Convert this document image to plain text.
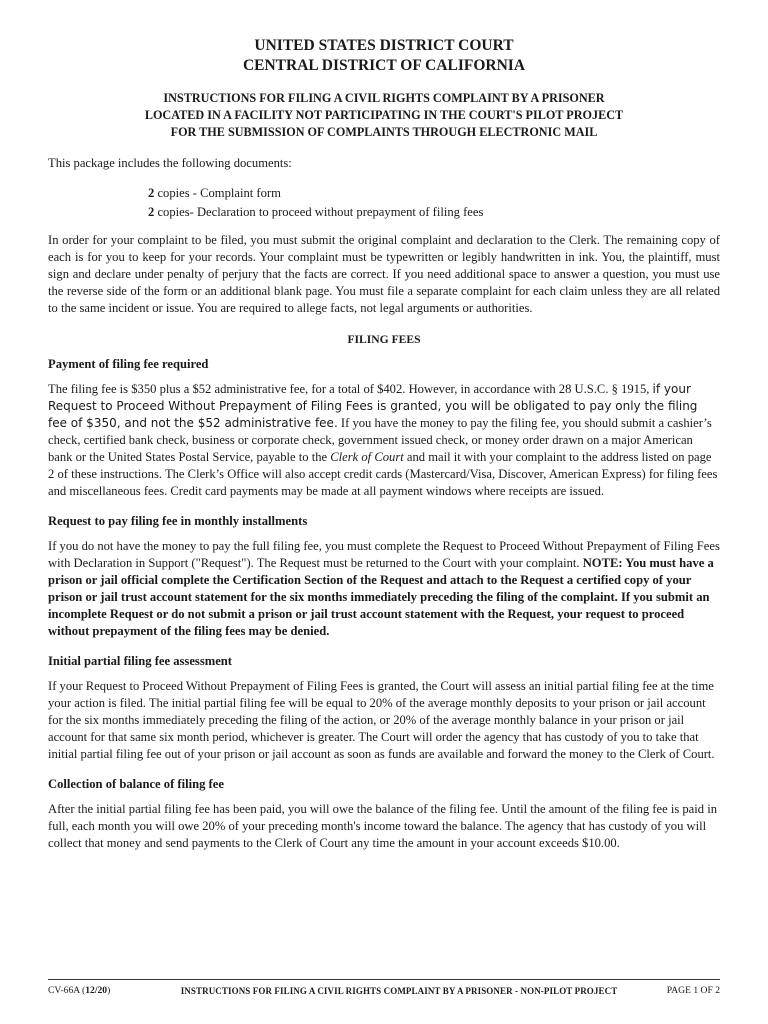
UNITED STATES DISTRICT COURT

CENTRAL DISTRICT OF CALIFORNIA

INSTRUCTIONS FOR FILING A CIVIL RIGHTS COMPLAINT BY A PRISONER

LOCATED IN A FACILITY NOT PARTICIPATING IN THE COURT'S PILOT PROJECT

FOR THE SUBMISSION OF COMPLAINTS THROUGH ELECTRONIC MAIL

This package includes the following documents:

2 copies - Complaint form
2 copies- Declaration to proceed without prepayment of filing fees

In order for your complaint to be filed, you must submit the original complaint and declaration to the Clerk. The remaining copy of each is for you to keep for your records. Your complaint must be typewritten or legibly handwritten in ink. You, the plaintiff, must sign and declare under penalty of perjury that the facts are correct. If you need additional space to answer a question, you must use the reverse side of the form or an additional blank page. You must file a separate complaint for each claim unless they are all related to the same incident or issue. You are required to allege facts, not legal arguments or authorities.

FILING FEES

Payment of filing fee required

The filing fee is $350 plus a $52 administrative fee, for a total of $402. However, in accordance with 28 U.S.C. § 1915, if your Request to Proceed Without Prepayment of Filing Fees is granted, you will be obligated to pay only the filing fee of $350, and not the $52 administrative fee. If you have the money to pay the filing fee, you should submit a cashier’s check, certified bank check, business or corporate check, government issued check, or money order drawn on a major American bank or the United States Postal Service, payable to the Clerk of Court and mail it with your complaint to the address listed on page 2 of these instructions. The Clerk’s Office will also accept credit cards (Mastercard/Visa, Discover, American Express) for filing fees and miscellaneous fees. Credit card payments may be made at all payment windows where receipts are issued.

Request to pay filing fee in monthly installments

If you do not have the money to pay the full filing fee, you must complete the Request to Proceed Without Prepayment of Filing Fees with Declaration in Support ("Request"). The Request must be returned to the Court with your complaint. NOTE: You must have a prison or jail official complete the Certification Section of the Request and attach to the Request a certified copy of your prison or jail trust account statement for the six months immediately preceding the filing of the complaint. If you submit an incomplete Request or do not submit a prison or jail trust account statement with the Request, your request to proceed without prepayment of the filing fees may be denied.

Initial partial filing fee assessment

If your Request to Proceed Without Prepayment of Filing Fees is granted, the Court will assess an initial partial filing fee at the time your action is filed. The initial partial filing fee will be equal to 20% of the average monthly deposits to your prison or jail account for the six months immediately preceding the filing of the action, or 20% of the average monthly balance in your prison or jail account for that same six month period, whichever is greater. The Court will order the agency that has custody of you to take that initial partial filing fee out of your prison or jail account as soon as funds are available and forward the money to the Clerk of Court.

Collection of balance of filing fee

After the initial partial filing fee has been paid, you will owe the balance of the filing fee. Until the amount of the filing fee is paid in full, each month you will owe 20% of your preceding month's income toward the balance. The agency that has custody of you will collect that money and send payments to the Clerk of Court any time the amount in your account exceeds $10.00.

CV-66A (12/20)	INSTRUCTIONS FOR FILING A CIVIL RIGHTS COMPLAINT BY A PRISONER - NON-PILOT PROJECT	PAGE 1 OF 2
